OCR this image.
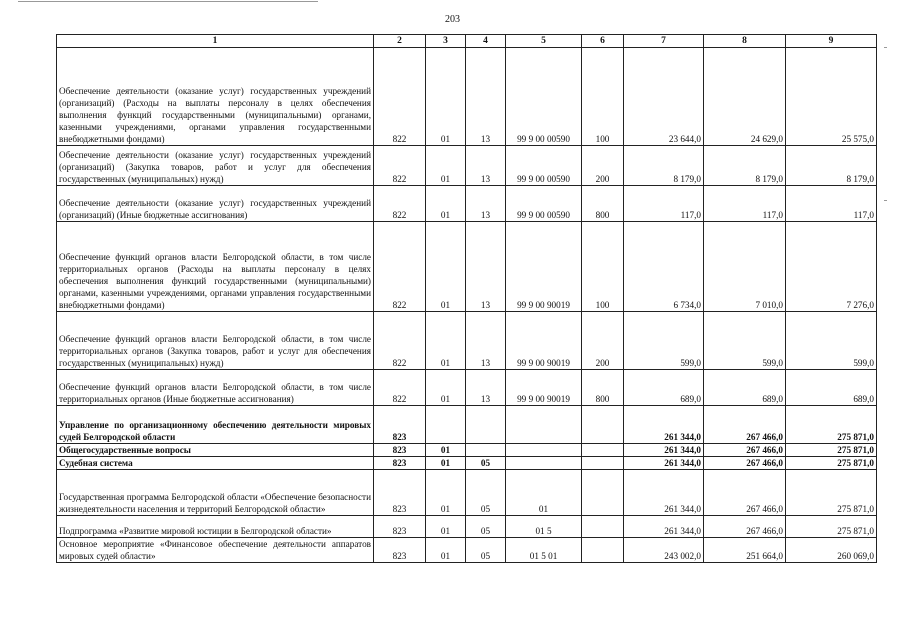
203
1	2	3	4	5	6	7	8	9
Обеспечение деятельности (оказание услуг) государственных учреждений (организаций) (Расходы на выплаты персоналу в целях обеспечения выполнения функций государственными (муниципальными) органами, казенными учреждениями, органами управления государственными внебюджетными фондами)	822	01	13	99 9 00 00590	100	23 644,0	24 629,0	25 575,0
Обеспечение деятельности (оказание услуг) государственных учреждений (организаций) (Закупка товаров, работ и услуг для обеспечения государственных (муниципальных) нужд)	822	01	13	99 9 00 00590	200	8 179,0	8 179,0	8 179,0
Обеспечение деятельности (оказание услуг) государственных учреждений (организаций) (Иные бюджетные ассигнования)	822	01	13	99 9 00 00590	800	117,0	117,0	117,0
Обеспечение функций органов власти Белгородской области, в том числе территориальных органов (Расходы на выплаты персоналу в целях обеспечения выполнения функций государственными (муниципальными) органами, казенными учреждениями, органами управления государственными внебюджетными фондами)	822	01	13	99 9 00 90019	100	6 734,0	7 010,0	7 276,0
Обеспечение функций органов власти Белгородской области, в том числе территориальных органов (Закупка товаров, работ и услуг для обеспечения государственных (муниципальных) нужд)	822	01	13	99 9 00 90019	200	599,0	599,0	599,0
Обеспечение функций органов власти Белгородской области, в том числе территориальных органов (Иные бюджетные ассигнования)	822	01	13	99 9 00 90019	800	689,0	689,0	689,0
Управление по организационному обеспечению деятельности мировых судей Белгородской области	823					261 344,0	267 466,0	275 871,0
Общегосударственные вопросы	823	01				261 344,0	267 466,0	275 871,0
Судебная система	823	01	05			261 344,0	267 466,0	275 871,0
Государственная программа Белгородской области «Обеспечение безопасности жизнедеятельности населения и территорий Белгородской области»	823	01	05	01		261 344,0	267 466,0	275 871,0
Подпрограмма «Развитие мировой юстиции в Белгородской области»	823	01	05	01 5		261 344,0	267 466,0	275 871,0
Основное мероприятие «Финансовое обеспечение деятельности аппаратов мировых судей области»	823	01	05	01 5 01		243 002,0	251 664,0	260 069,0
